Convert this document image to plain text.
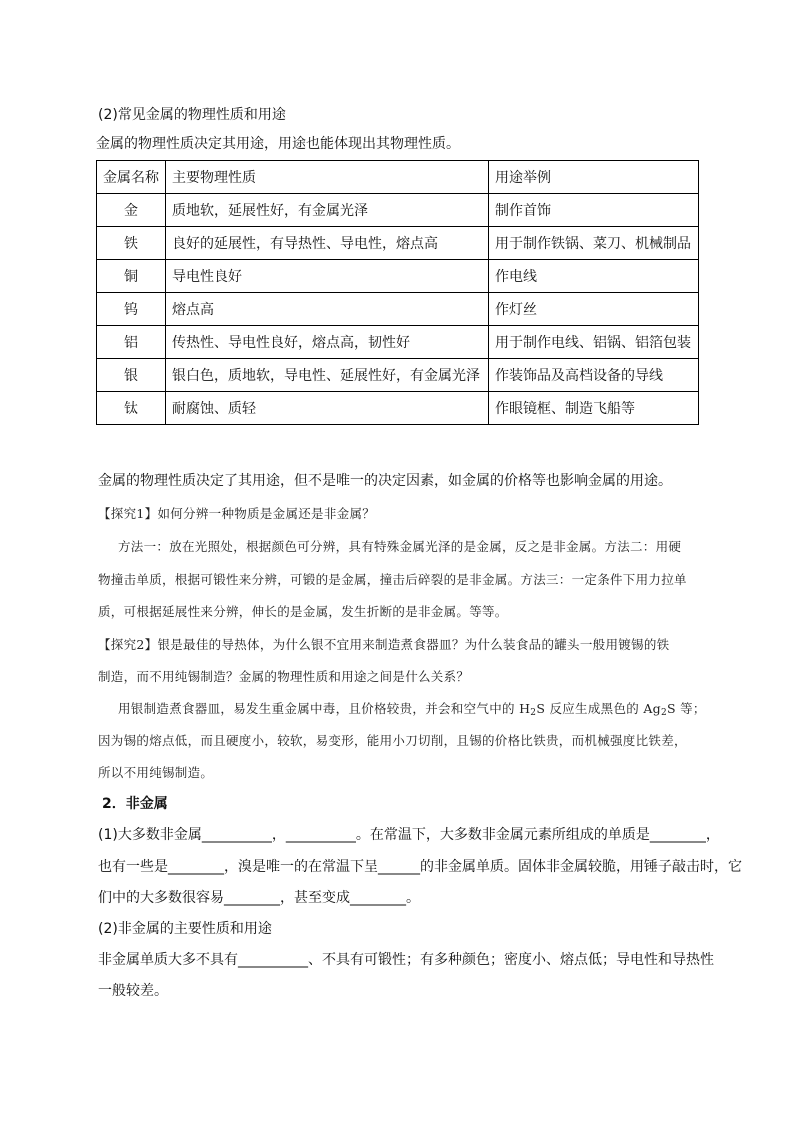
(2)常见金属的物理性质和用途
金属的物理性质决定其用途，用途也能体现出其物理性质。
金属名称	主要物理性质	用途举例
金	质地软，延展性好，有金属光泽	制作首饰
铁	良好的延展性，有导热性、导电性，熔点高	用于制作铁锅、菜刀、机械制品
铜	导电性良好	作电线
钨	熔点高	作灯丝
铝	传热性、导电性良好，熔点高，韧性好	用于制作电线、铝锅、铝箔包装
银	银白色，质地软，导电性、延展性好，有金属光泽	作装饰品及高档设备的导线
钛	耐腐蚀、质轻	作眼镜框、制造飞船等
金属的物理性质决定了其用途，但不是唯一的决定因素，如金属的价格等也影响金属的用途。
【探究1】如何分辨一种物质是金属还是非金属？
方法一：放在光照处，根据颜色可分辨，具有特殊金属光泽的是金属，反之是非金属。方法二：用硬
物撞击单质，根据可锻性来分辨，可锻的是金属，撞击后碎裂的是非金属。方法三：一定条件下用力拉单
质，可根据延展性来分辨，伸长的是金属，发生折断的是非金属。等等。
【探究2】银是最佳的导热体，为什么银不宜用来制造煮食器皿？为什么装食品的罐头一般用镀锡的铁
制造，而不用纯锡制造？金属的物理性质和用途之间是什么关系？
用银制造煮食器皿，易发生重金属中毒，且价格较贵，并会和空气中的 $H_2S$ 反应生成黑色的 $Ag_2S$ 等；
因为锡的熔点低，而且硬度小，较软，易变形，能用小刀切削，且锡的价格比铁贵，而机械强度比铁差，
所以不用纯锡制造。
2．非金属
(1)大多数非金属__________，__________。在常温下，大多数非金属元素所组成的单质是________，
也有一些是________，溴是唯一的在常温下呈______的非金属单质。固体非金属较脆，用锤子敲击时，它
们中的大多数很容易________，甚至变成________。
(2)非金属的主要性质和用途
非金属单质大多不具有__________、不具有可锻性；有多种颜色；密度小、熔点低；导电性和导热性
一般较差。
